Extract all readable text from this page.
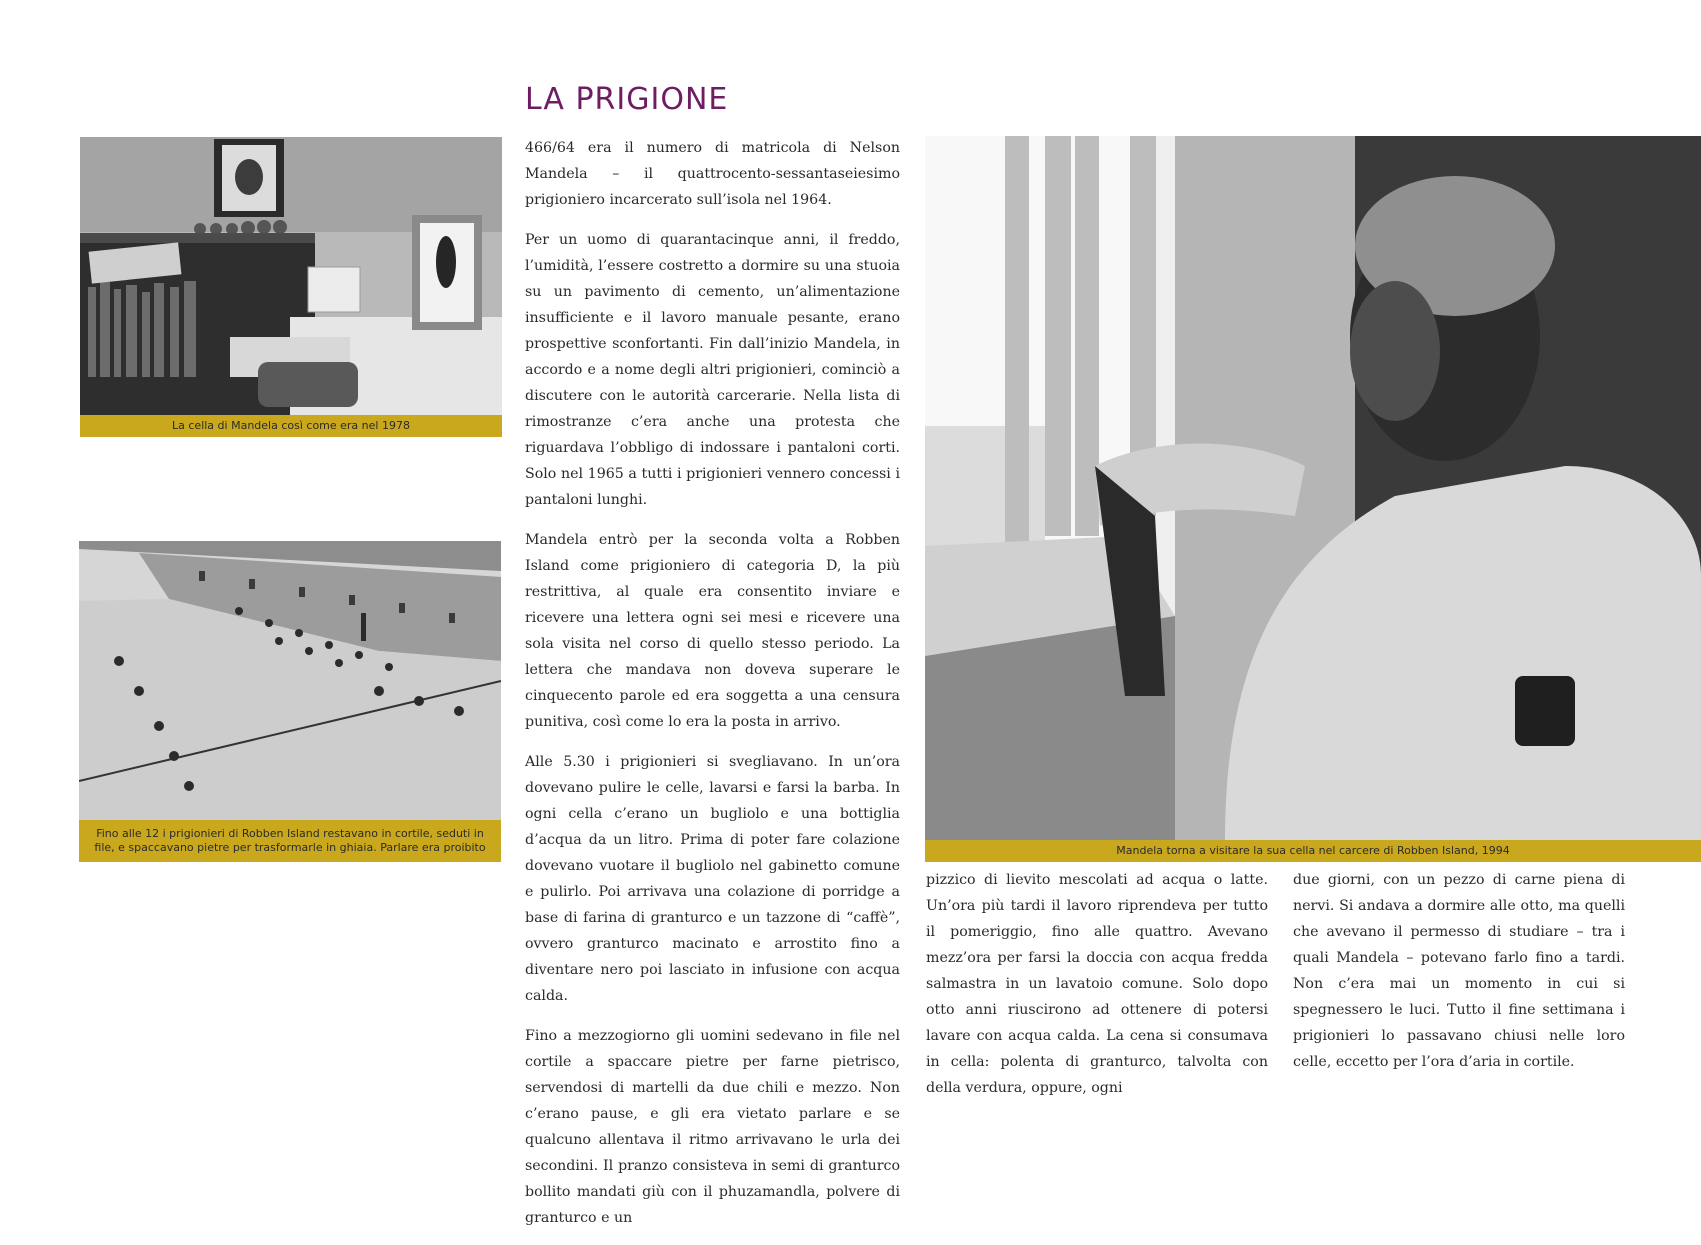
LA PRIGIONE
La cella di Mandela così come era nel 1978
Fino alle 12 i prigionieri di Robben Island restavano in cortile, seduti in file, e spaccavano pietre per trasformarle in ghiaia. Parlare era proibito	Mandela torna a visitare la sua cella nel carcere di Robben Island, 1994

466/64 era il numero di matricola di Nelson Mandela – il quattrocento-sessantaseiesimo prigioniero incarcerato sull’isola nel 1964.

Per un uomo di quarantacinque anni, il freddo, l’umidità, l’essere costretto a dormire su una stuoia su un pavimento di cemento, un’alimentazione insufficiente e il lavoro manuale pesante, erano prospettive sconfortanti. Fin dall’inizio Mandela, in accordo e a nome degli altri prigionieri, cominciò a discutere con le autorità carcerarie. Nella lista di rimostranze c’era anche una protesta che riguardava l’obbligo di indossare i pantaloni corti. Solo nel 1965 a tutti i prigionieri vennero concessi i pantaloni lunghi.

Mandela entrò per la seconda volta a Robben Island come prigioniero di categoria D, la più restrittiva, al quale era consentito inviare e ricevere una lettera ogni sei mesi e ricevere una sola visita nel corso di quello stesso periodo. La lettera che mandava non doveva superare le cinquecento parole ed era soggetta a una censura punitiva, così come lo era la posta in arrivo.

Alle 5.30 i prigionieri si svegliavano. In un’ora dovevano pulire le celle, lavarsi e farsi la barba. In ogni cella c’erano un bugliolo e una bottiglia d’acqua da un litro. Prima di poter fare colazione dovevano vuotare il bugliolo nel gabinetto comune e pulirlo. Poi arrivava una colazione di porridge a base di farina di granturco e un tazzone di “caffè”, ovvero granturco macinato e arrostito fino a diventare nero poi lasciato in infusione con acqua calda.

Fino a mezzogiorno gli uomini sedevano in file nel cortile a spaccare pietre per farne pietrisco, servendosi di martelli da due chili e mezzo. Non c’erano pause, e gli era vietato parlare e se qualcuno allentava il ritmo arrivavano le urla dei secondini. Il pranzo consisteva in semi di granturco bollito mandati giù con il phuzamandla, polvere di granturco e un

pizzico di lievito mescolati ad acqua o latte. Un’ora più tardi il lavoro riprendeva per tutto il pomeriggio, fino alle quattro. Avevano mezz’ora per farsi la doccia con acqua fredda salmastra in un lavatoio comune. Solo dopo otto anni riuscirono ad ottenere di potersi lavare con acqua calda. La cena si consumava in cella: polenta di granturco, talvolta con della verdura, oppure, ogni

due giorni, con un pezzo di carne piena di nervi. Si andava a dormire alle otto, ma quelli che avevano il permesso di studiare – tra i quali Mandela – potevano farlo fino a tardi. Non c’era mai un momento in cui si spegnessero le luci. Tutto il fine settimana i prigionieri lo passavano chiusi nelle loro celle, eccetto per l’ora d’aria in cortile.
